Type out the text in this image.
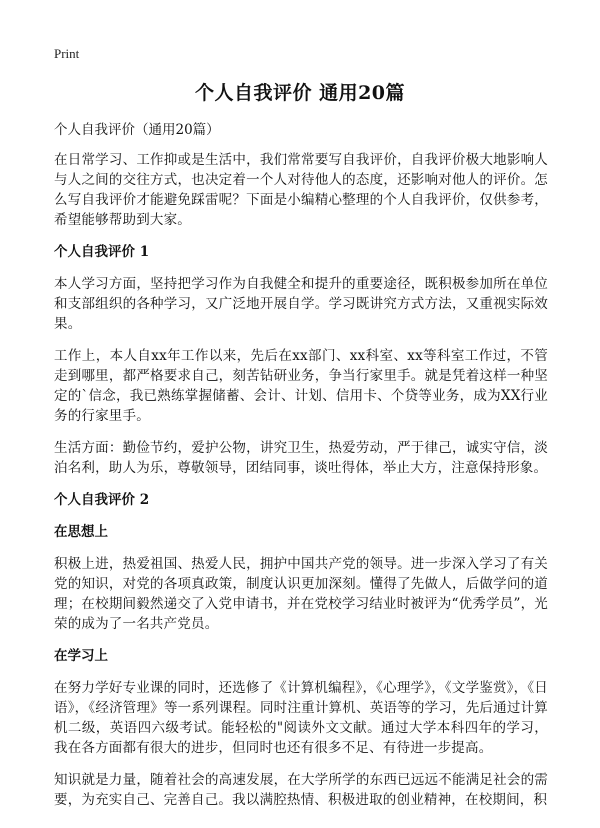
Print
个人自我评价 通用20篇
个人自我评价（通用20篇）

在日常学习、工作抑或是生活中，我们常常要写自我评价，自我评价极大地影响人与人之间的交往方式，也决定着一个人对待他人的态度，还影响对他人的评价。怎么写自我评价才能避免踩雷呢？下面是小编精心整理的个人自我评价，仅供参考，希望能够帮助到大家。

个人自我评价 1

本人学习方面，坚持把学习作为自我健全和提升的重要途径，既积极参加所在单位和支部组织的各种学习，又广泛地开展自学。学习既讲究方式方法，又重视实际效果。

工作上，本人自xx年工作以来，先后在xx部门、xx科室、xx等科室工作过，不管走到哪里，都严格要求自己，刻苦钻研业务，争当行家里手。就是凭着这样一种坚定的`信念，我已熟练掌握储蓄、会计、计划、信用卡、个贷等业务，成为XX行业务的行家里手。

生活方面：勤俭节约，爱护公物，讲究卫生，热爱劳动，严于律己，诚实守信，淡泊名利，助人为乐，尊敬领导，团结同事，谈吐得体，举止大方，注意保持形象。

个人自我评价 2
在思想上

积极上进，热爱祖国、热爱人民，拥护中国共产党的领导。进一步深入学习了有关党的知识，对党的各项真政策，制度认识更加深刻。懂得了先做人，后做学问的道理；在校期间毅然递交了入党申请书，并在党校学习结业时被评为“优秀学员”，光荣的成为了一名共产党员。

在学习上

在努力学好专业课的同时，还选修了《计算机编程》，《心理学》，《文学鉴赏》，《日语》，《经济管理》等一系列课程。同时注重计算机、英语等的学习，先后通过计算机二级，英语四六级考试。能轻松的"阅读外文文献。通过大学本科四年的学习，我在各方面都有很大的进步，但同时也还有很多不足、有待进一步提高。

知识就是力量，随着社会的高速发展，在大学所学的东西已远远不能满足社会的需要，为充实自己、完善自己。我以满腔热情、积极进取的创业精神，在校期间，积
